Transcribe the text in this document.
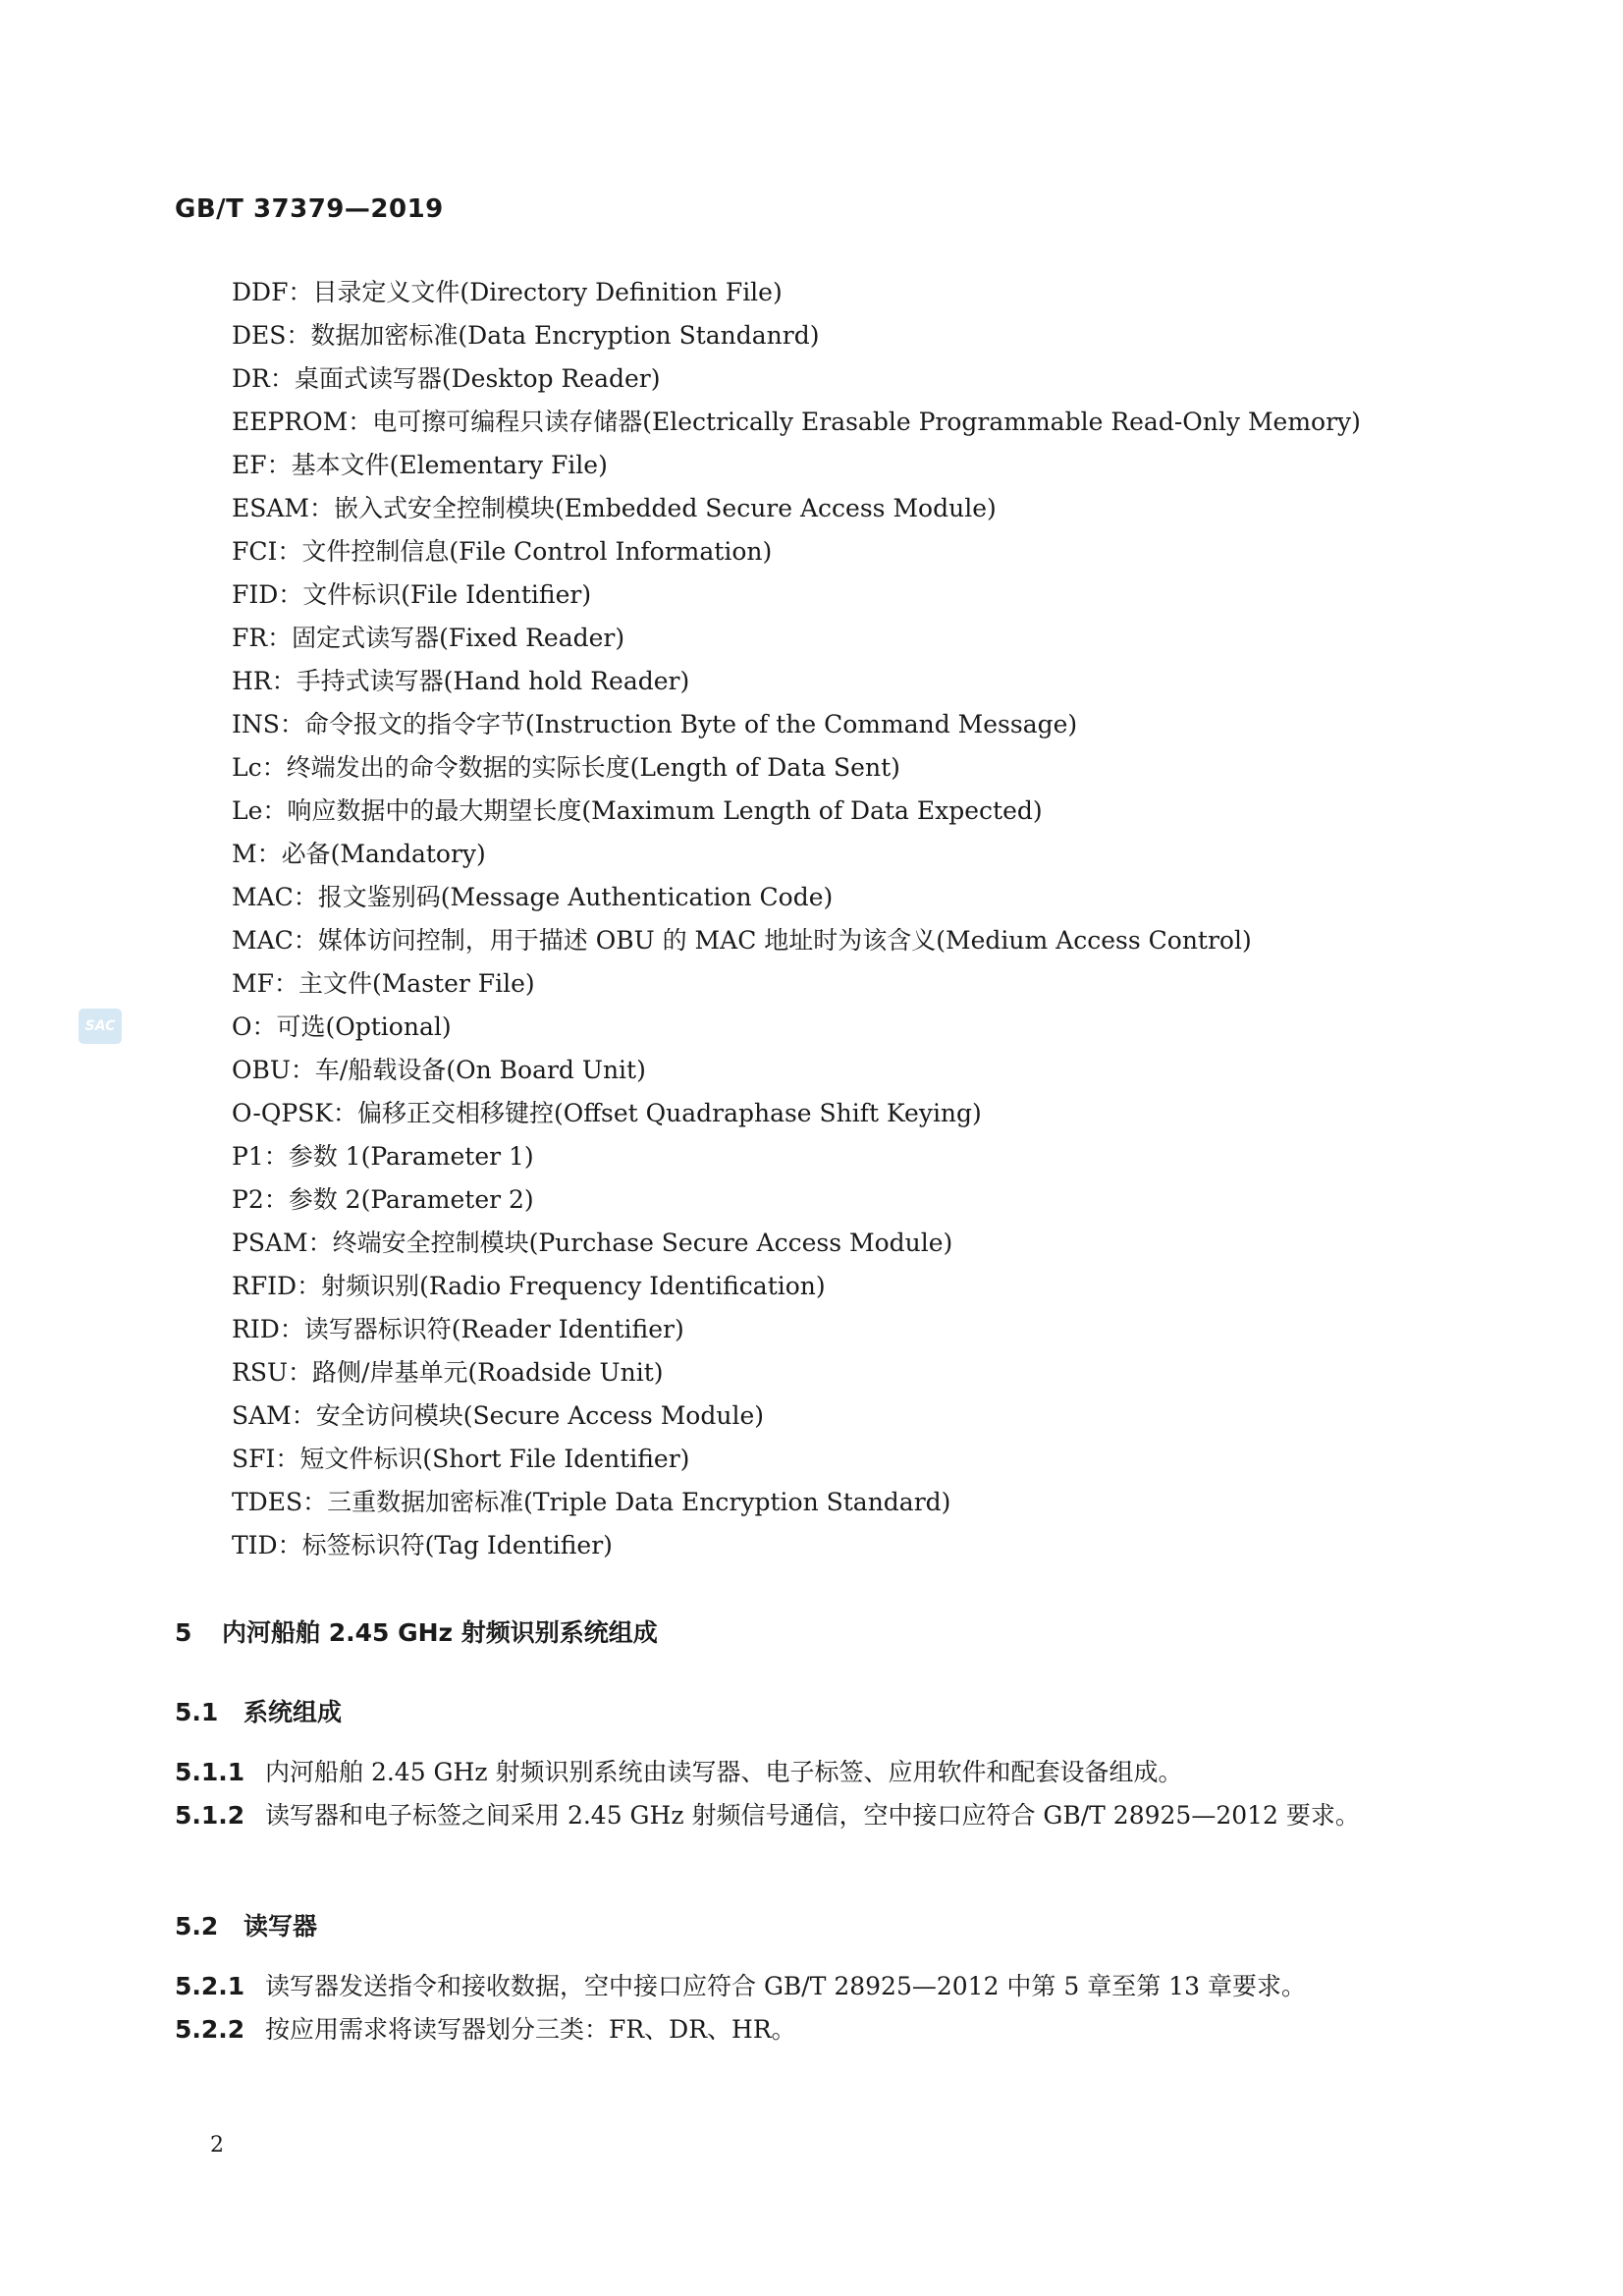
GB/T 37379—2019
DDF：目录定义文件(Directory Definition File)
DES：数据加密标准(Data Encryption Standanrd)
DR：桌面式读写器(Desktop Reader)
EEPROM：电可擦可编程只读存储器(Electrically Erasable Programmable Read-Only Memory)
EF：基本文件(Elementary File)
ESAM：嵌入式安全控制模块(Embedded Secure Access Module)
FCI：文件控制信息(File Control Information)
FID：文件标识(File Identifier)
FR：固定式读写器(Fixed Reader)
HR：手持式读写器(Hand hold Reader)
INS：命令报文的指令字节(Instruction Byte of the Command Message)
Lc：终端发出的命令数据的实际长度(Length of Data Sent)
Le：响应数据中的最大期望长度(Maximum Length of Data Expected)
M：必备(Mandatory)
MAC：报文鉴别码(Message Authentication Code)
MAC：媒体访问控制，用于描述 OBU 的 MAC 地址时为该含义(Medium Access Control)
MF：主文件(Master File)
O：可选(Optional)
OBU：车/船载设备(On Board Unit)
O-QPSK：偏移正交相移键控(Offset Quadraphase Shift Keying)
P1：参数 1(Parameter 1)
P2：参数 2(Parameter 2)
PSAM：终端安全控制模块(Purchase Secure Access Module)
RFID：射频识别(Radio Frequency Identification)
RID：读写器标识符(Reader Identifier)
RSU：路侧/岸基单元(Roadside Unit)
SAM：安全访问模块(Secure Access Module)
SFI：短文件标识(Short File Identifier)
TDES：三重数据加密标准(Triple Data Encryption Standard)
TID：标签标识符(Tag Identifier)
5 内河船舶 2.45 GHz 射频识别系统组成
5.1 系统组成
5.1.1 内河船舶 2.45 GHz 射频识别系统由读写器、电子标签、应用软件和配套设备组成。
5.1.2 读写器和电子标签之间采用 2.45 GHz 射频信号通信，空中接口应符合 GB/T 28925—2012 要求。
5.2 读写器
5.2.1 读写器发送指令和接收数据，空中接口应符合 GB/T 28925—2012 中第 5 章至第 13 章要求。
5.2.2 按应用需求将读写器划分三类：FR、DR、HR。
SAC
2
